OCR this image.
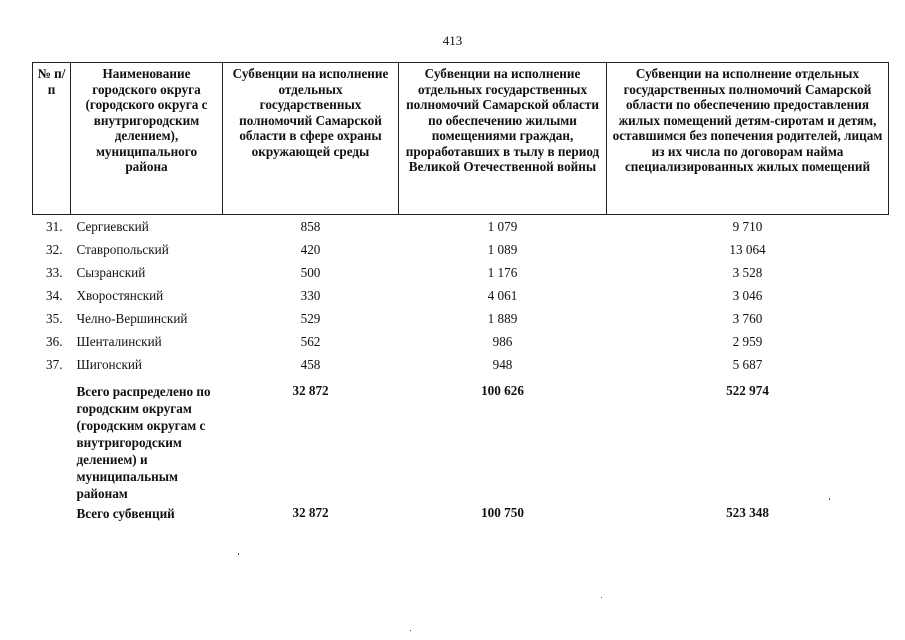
413
№ п/п	Наименование городского округа (городского округа с внутригородским делением), муниципального района	Субвенции на исполнение отдельных государственных полномочий Самарской области в сфере охраны окружающей среды	Субвенции на исполнение отдельных государственных полномочий Самарской области по обеспечению жилыми помещениями граждан, проработавших в тылу в период Великой Отечественной войны	Субвенции на исполнение отдельных государственных полномочий Самарской области по обеспечению предоставления жилых помещений детям-сиротам и детям, оставшимся без попечения родителей, лицам из их числа по договорам найма специализированных жилых помещений
31.	Сергиевский	858	1 079	9 710
32.	Ставропольский	420	1 089	13 064
33.	Сызранский	500	1 176	3 528
34.	Хворостянский	330	4 061	3 046
35.	Челно-Вершинский	529	1 889	3 760
36.	Шенталинский	562	986	2 959
37.	Шигонский	458	948	5 687
	Всего распределено по городским округам (городским округам с внутригородским делением) и муниципальным районам	32 872	100 626	522 974
	Всего субвенций	32 872	100 750	523 348
